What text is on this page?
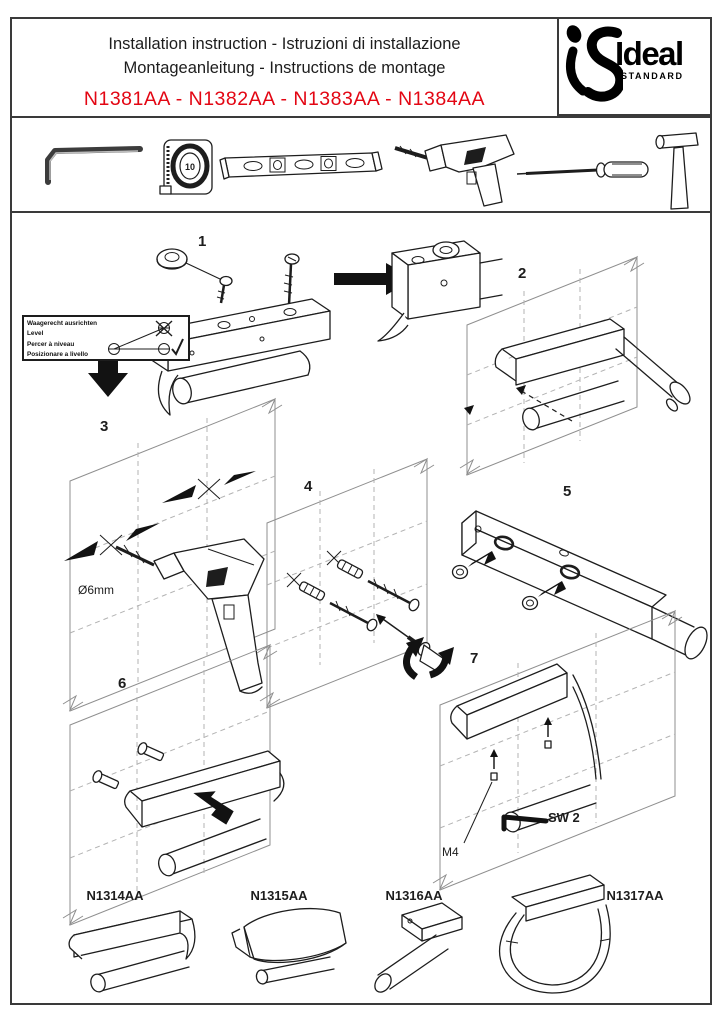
Installation instruction - Istruzioni di installazione
Montageanleitung - Instructions de montage
N1381AA - N1382AA - N1383AA - N1384AA
Ideal
STANDARD
10
1
2
3
4	5
6
7
Ø6mm
SW 2
M4
N1314AA	N1315AA	N1316AA	N1317AA
Waagerecht ausrichten
Level
Percer à niveau
Posizionare a livello
